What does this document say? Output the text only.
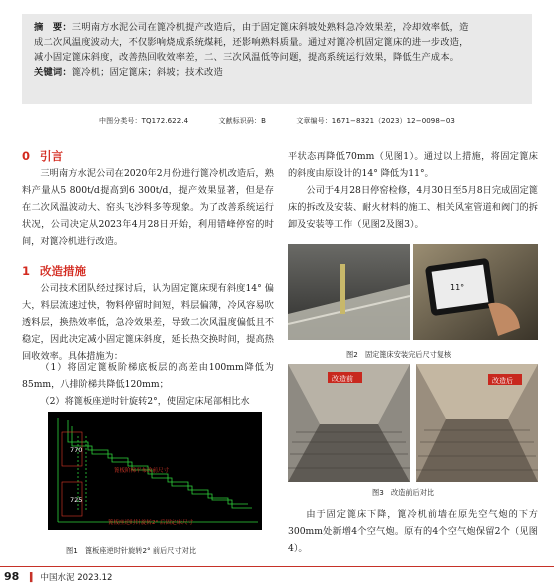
摘　要：三明南方水泥公司在篦冷机提产改造后，由于固定篦床斜坡处熟料急冷效果差，冷却效率低，造
成二次风温度波动大，不仅影响烧成系统煤耗，还影响熟料质量。通过对篦冷机固定篦床的进一步改造，
减小固定篦床斜度，改善热回收效率差，二、三次风温低等问题，提高系统运行效果，降低生产成本。
关键词：篦冷机；固定篦床；斜坡；技术改造
中图分类号：TQ172.622.4	文献标识码：B	文章编号：1671−8321（2023）12−0098−03
0 引言
三明南方水泥公司在2020年2月份进行篦冷机改造后，熟料产量从5 800t/d提高到6 300t/d，提产效果显著，但是存在二次风温波动大、窑头飞沙料多等现象。为了改善系统运行状况，公司决定从2023年4月28日开始，利用错峰停窑的时间，对篦冷机进行改造。
1 改造措施
公司技术团队经过探讨后，认为固定篦床现有斜度14° 偏大，料层流速过快，物料停留时间短，料层偏薄，冷风容易吹透料层，换热效率低，急冷效果差，导致二次风温度偏低且不稳定，因此决定减小固定篦床斜度，延长热交换时间，提高热回收效率。具体措施为：
（1）将固定篦板阶梯底板层的高差由100mm降低为85mm，八排阶梯共降低120mm；
（2）将篦板座逆时针旋转2°，使固定床尾部相比水
770
725
篦板阶梯平布改前尺寸
篦板座逆时针旋转2° 后固定床尺寸
图1　篦板座逆时针旋转2° 前后尺寸对比
平状态再降低70mm（见图1）。通过以上措施，将固定篦床的斜度由原设计的14° 降低为11°。
公司于4月28日停窑检修，4月30日至5月8日完成固定篦床的拆改及安装、耐火材料的施工、相关风室管道和阀门的拆卸及安装等工作（见图2及图3）。
11°
图2　固定篦床安装完后尺寸复核
改造前	改造后
图3　改造前后对比
由于固定篦床下降，篦冷机前墙在原先空气炮的下方300mm处新增4个空气炮。原有的4个空气炮保留2个（见图4）。
98 ▍ 中国水泥 2023.12
